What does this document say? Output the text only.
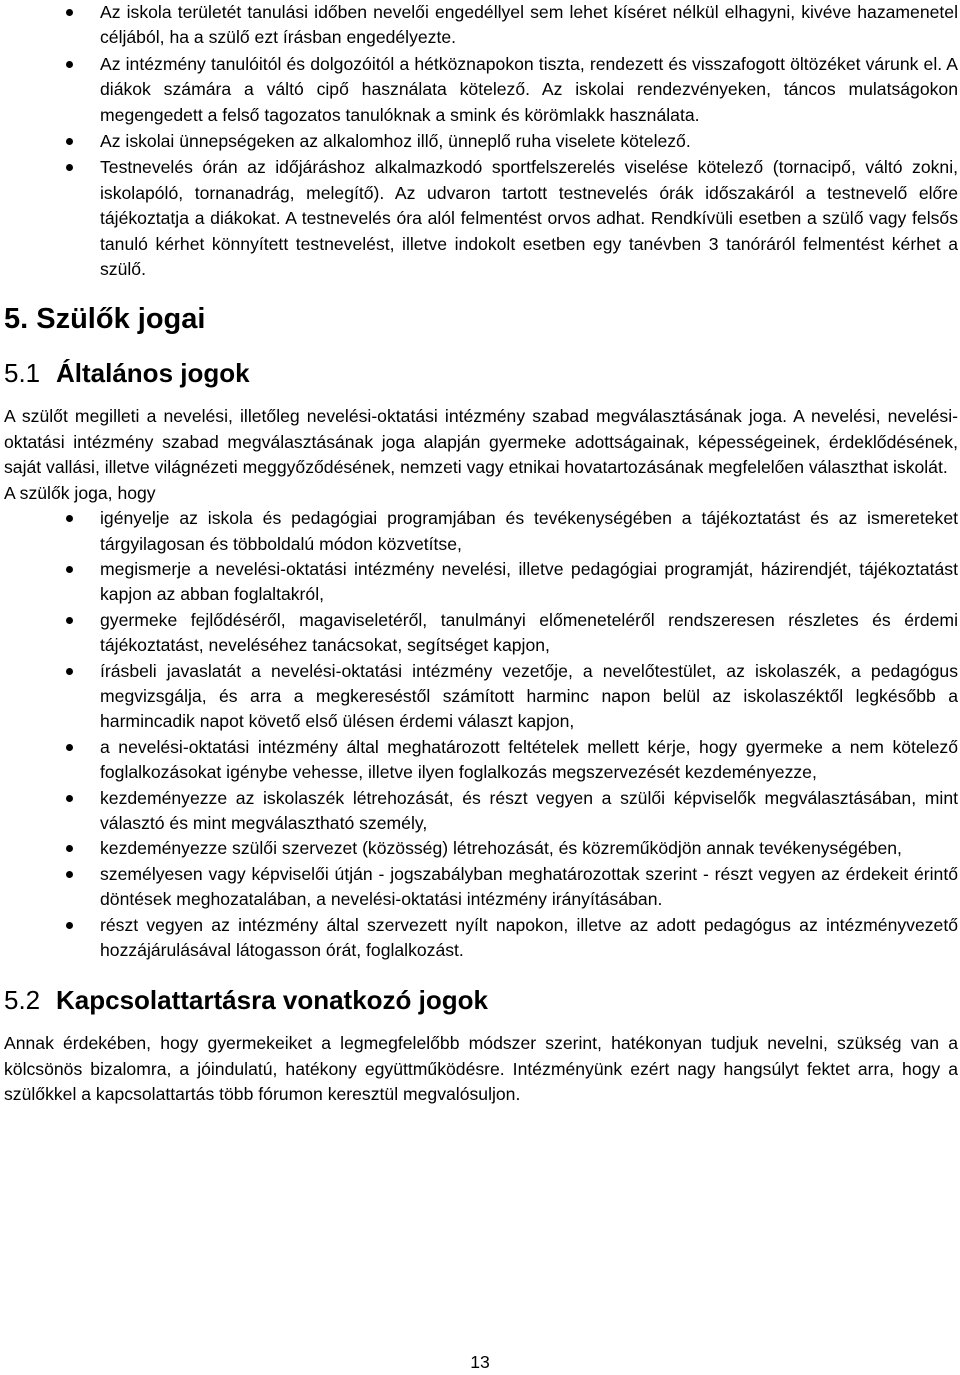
Az iskola területét tanulási időben nevelői engedéllyel sem lehet kíséret nélkül elhagyni, kivéve hazamenetel céljából, ha a szülő ezt írásban engedélyezte.
Az intézmény tanulóitól és dolgozóitól a hétköznapokon tiszta, rendezett és visszafogott öltözéket várunk el. A diákok számára a váltó cipő használata kötelező. Az iskolai rendezvényeken, táncos mulatságokon megengedett a felső tagozatos tanulóknak a smink és körömlakk használata.
Az iskolai ünnepségeken az alkalomhoz illő, ünneplő ruha viselete kötelező.
Testnevelés órán az időjáráshoz alkalmazkodó sportfelszerelés viselése kötelező (tornacipő, váltó zokni, iskolapóló, tornanadrág, melegítő). Az udvaron tartott testnevelés órák időszakáról a testnevelő előre tájékoztatja a diákokat. A testnevelés óra alól felmentést orvos adhat. Rendkívüli esetben a szülő vagy felsős tanuló kérhet könnyített testnevelést, illetve indokolt esetben egy tanévben 3 tanóráról felmentést kérhet a szülő.
5. Szülők jogai
5.1 Általános jogok

A szülőt megilleti a nevelési, illetőleg nevelési-oktatási intézmény szabad megválasztásának joga. A nevelési, nevelési-oktatási intézmény szabad megválasztásának joga alapján gyermeke adottságainak, képességeinek, érdeklődésének, saját vallási, illetve világnézeti meggyőződésének, nemzeti vagy etnikai hovatartozásának megfelelően választhat iskolát.

A szülők joga, hogy

igényelje az iskola és pedagógiai programjában és tevékenységében a tájékoztatást és az ismereteket tárgyilagosan és többoldalú módon közvetítse,
megismerje a nevelési-oktatási intézmény nevelési, illetve pedagógiai programját, házirendjét, tájékoztatást kapjon az abban foglaltakról,
gyermeke fejlődéséről, magaviseletéről, tanulmányi előmeneteléről rendszeresen részletes és érdemi tájékoztatást, neveléséhez tanácsokat, segítséget kapjon,
írásbeli javaslatát a nevelési-oktatási intézmény vezetője, a nevelőtestület, az iskolaszék, a pedagógus megvizsgálja, és arra a megkereséstől számított harminc napon belül az iskolaszéktől legkésőbb a harmincadik napot követő első ülésen érdemi választ kapjon,
a nevelési-oktatási intézmény által meghatározott feltételek mellett kérje, hogy gyermeke a nem kötelező foglalkozásokat igénybe vehesse, illetve ilyen foglalkozás megszervezését kezdeményezze,
kezdeményezze az iskolaszék létrehozását, és részt vegyen a szülői képviselők megválasztásában, mint választó és mint megválasztható személy,
kezdeményezze szülői szervezet (közösség) létrehozását, és közreműködjön annak tevékenységében,
személyesen vagy képviselői útján - jogszabályban meghatározottak szerint - részt vegyen az érdekeit érintő döntések meghozatalában, a nevelési-oktatási intézmény irányításában.
részt vegyen az intézmény által szervezett nyílt napokon, illetve az adott pedagógus az intézményvezető hozzájárulásával látogasson órát, foglalkozást.
5.2 Kapcsolattartásra vonatkozó jogok

Annak érdekében, hogy gyermekeiket a legmegfelelőbb módszer szerint, hatékonyan tudjuk nevelni, szükség van a kölcsönös bizalomra, a jóindulatú, hatékony együttműködésre. Intézményünk ezért nagy hangsúlyt fektet arra, hogy a szülőkkel a kapcsolattartás több fórumon keresztül megvalósuljon.

13
